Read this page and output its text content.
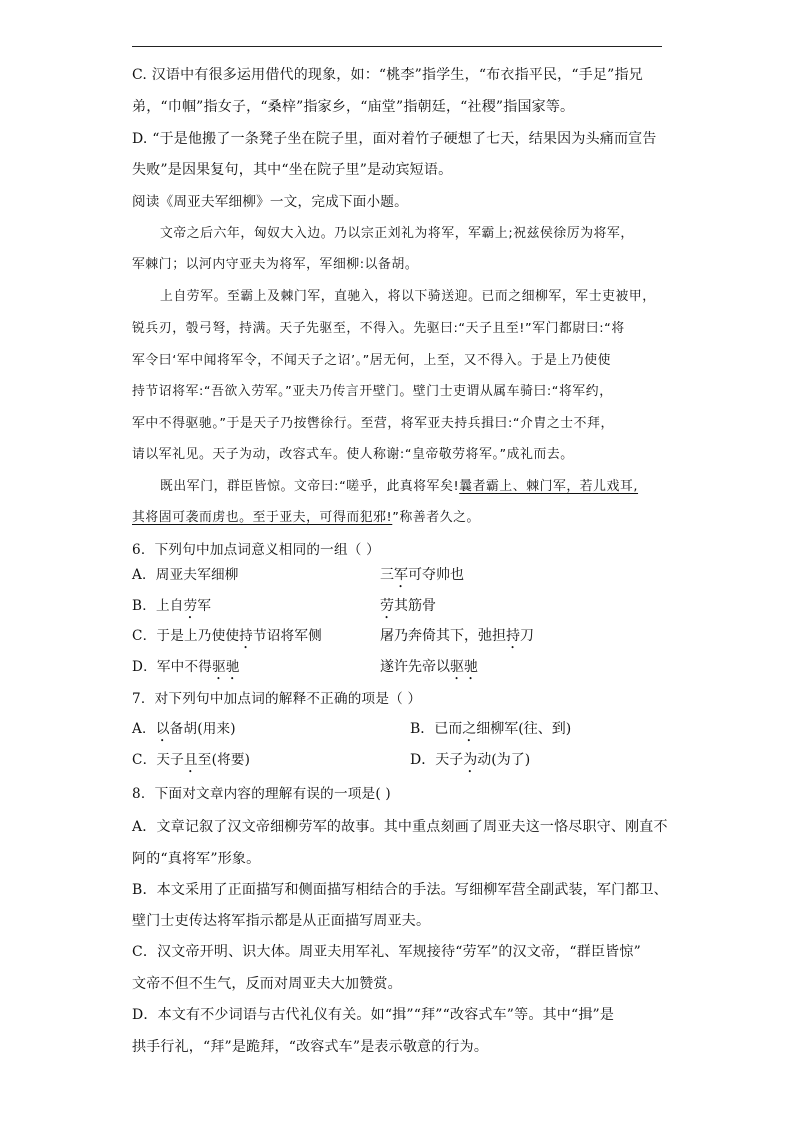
C. 汉语中有很多运用借代的现象，如：“桃李”指学生，“布衣指平民，“手足”指兄
弟，“巾帼”指女子，“桑梓”指家乡，“庙堂”指朝廷，“社稷”指国家等。
D. “于是他搬了一条凳子坐在院子里，面对着竹子硬想了七天，结果因为头痛而宣告
失败”是因果复句，其中“坐在院子里”是动宾短语。
阅读《周亚夫军细柳》一文，完成下面小题。
文帝之后六年，匈奴大入边。乃以宗正刘礼为将军，军霸上;祝兹侯徐厉为将军，
军棘门；以河内守亚夫为将军，军细柳:以备胡。
上自劳军。至霸上及棘门军，直驰入，将以下骑送迎。已而之细柳军，军士吏被甲，
锐兵刃，彀弓弩，持满。天子先驱至，不得入。先驱曰:“天子且至!”军门都尉曰:“将
军令曰‘军中闻将军令，不闻天子之诏’。”居无何，上至，又不得入。于是上乃使使
持节诏将军:“吾欲入劳军。”亚夫乃传言开壁门。壁门士吏谓从属车骑曰:“将军约，
军中不得驱驰。”于是天子乃按辔徐行。至营，将军亚夫持兵揖曰:“介胄之士不拜，
请以军礼见。天子为动，改容式车。使人称谢:“皇帝敬劳将军。”成礼而去。
既出军门，群臣皆惊。文帝曰:“嗟乎，此真将军矣!曩者霸上、棘门军，若儿戏耳,
其将固可袭而虏也。至于亚夫，可得而犯邪!”称善者久之。
6．下列句中加点词意义相同的一组（ ）
A．周亚夫军细柳	三军可夺帅也
B．上自劳军	劳其筋骨
C．于是上乃使使持节诏将军侧	屠乃奔倚其下，弛担持刀
D．军中不得驱驰	遂许先帝以驱驰
7．对下列句中加点词的解释不正确的项是（ ）
A．以备胡(用来)	B．已而之细柳军(往、到)
C．天子且至(将要)	D．天子为动(为了)
8．下面对文章内容的理解有误的一项是( )
A．文章记叙了汉文帝细柳劳军的故事。其中重点刻画了周亚夫这一恪尽职守、刚直不
阿的“真将军”形象。
B．本文采用了正面描写和侧面描写相结合的手法。写细柳军营全副武装，军门都卫、
壁门士吏传达将军指示都是从正面描写周亚夫。
C．汉文帝开明、识大体。周亚夫用军礼、军规接待“劳军”的汉文帝，“群臣皆惊”
文帝不但不生气，反而对周亚夫大加赞赏。
D．本文有不少词语与古代礼仪有关。如“揖”“拜”“改容式车”等。其中“揖”是
拱手行礼，“拜”是跪拜，“改容式车”是表示敬意的行为。
